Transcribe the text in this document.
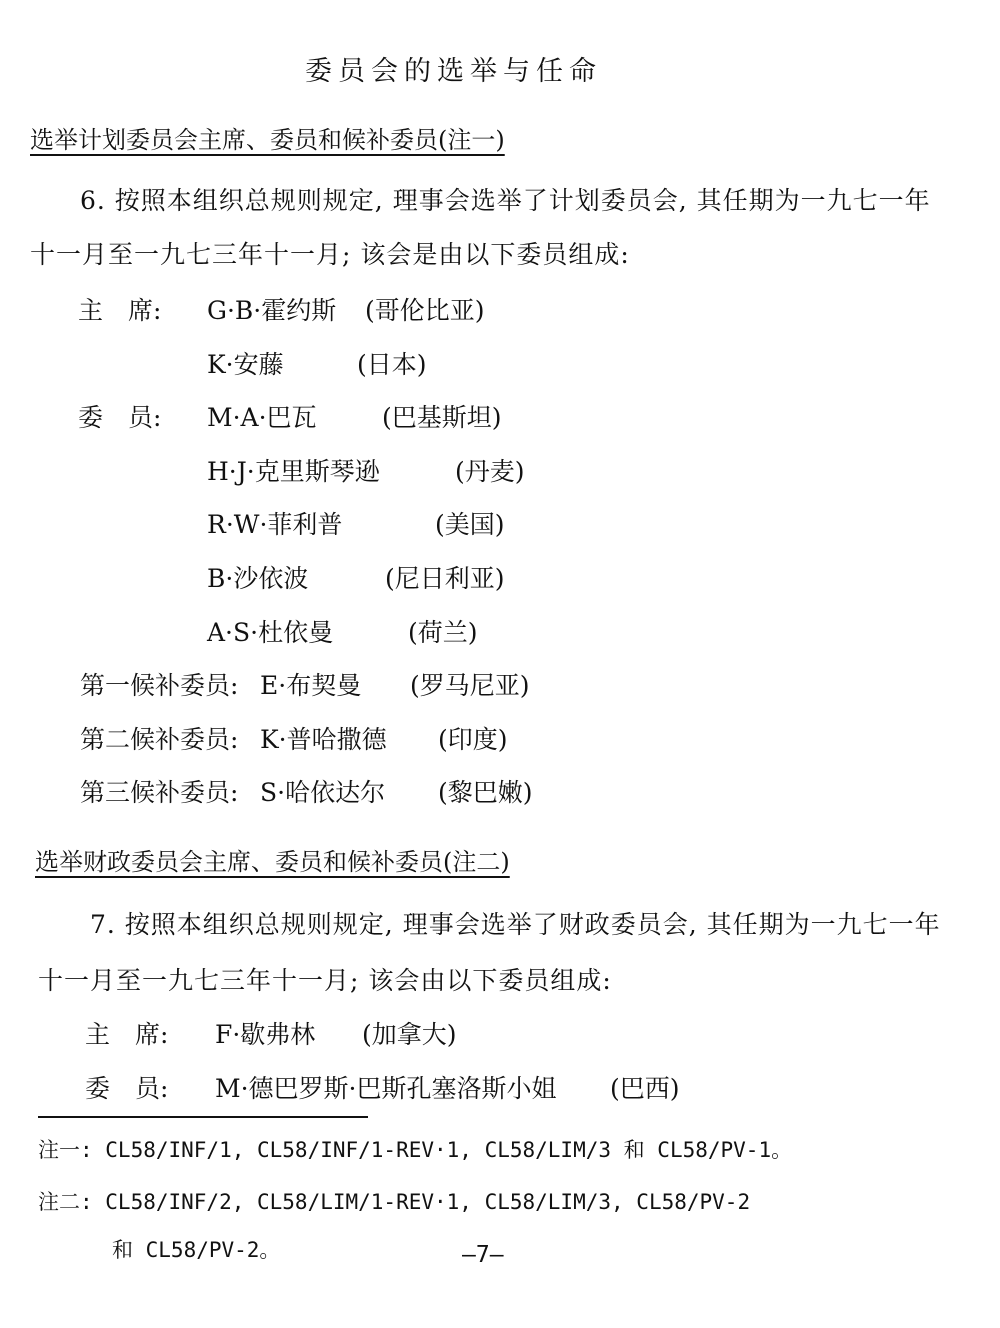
委员会的选举与任命
选举计划委员会主席、委员和候补委员(注一)
6. 按照本组织总规则规定, 理事会选举了计划委员会, 其任期为一九七一年
十一月至一九七三年十一月; 该会是由以下委员组成:
主　席: G·B·霍约斯 (哥伦比亚)
K·安藤	(日本)
委　员: M·A·巴瓦	(巴基斯坦)
H·J·克里斯琴逊	(丹麦)
R·W·菲利普	(美国)
B·沙依波	(尼日利亚)
A·S·杜依曼	(荷兰)
第一候补委员: E·布契曼 (罗马尼亚)
第二候补委员: K·普哈撒德 (印度)
第三候补委员: S·哈依达尔 (黎巴嫩)
选举财政委员会主席、委员和候补委员(注二)
7. 按照本组织总规则规定, 理事会选举了财政委员会, 其任期为一九七一年
十一月至一九七三年十一月; 该会由以下委员组成:
主　席: F·歇弗林 (加拿大)
委　员: M·德巴罗斯·巴斯孔塞洛斯小姐 (巴西)
注一: CL58/INF/1, CL58/INF/1-REV·1, CL58/LIM/3 和 CL58/PV-1。
注二: CL58/INF/2, CL58/LIM/1-REV·1, CL58/LIM/3, CL58/PV-2
和 CL58/PV-2。	—7—
